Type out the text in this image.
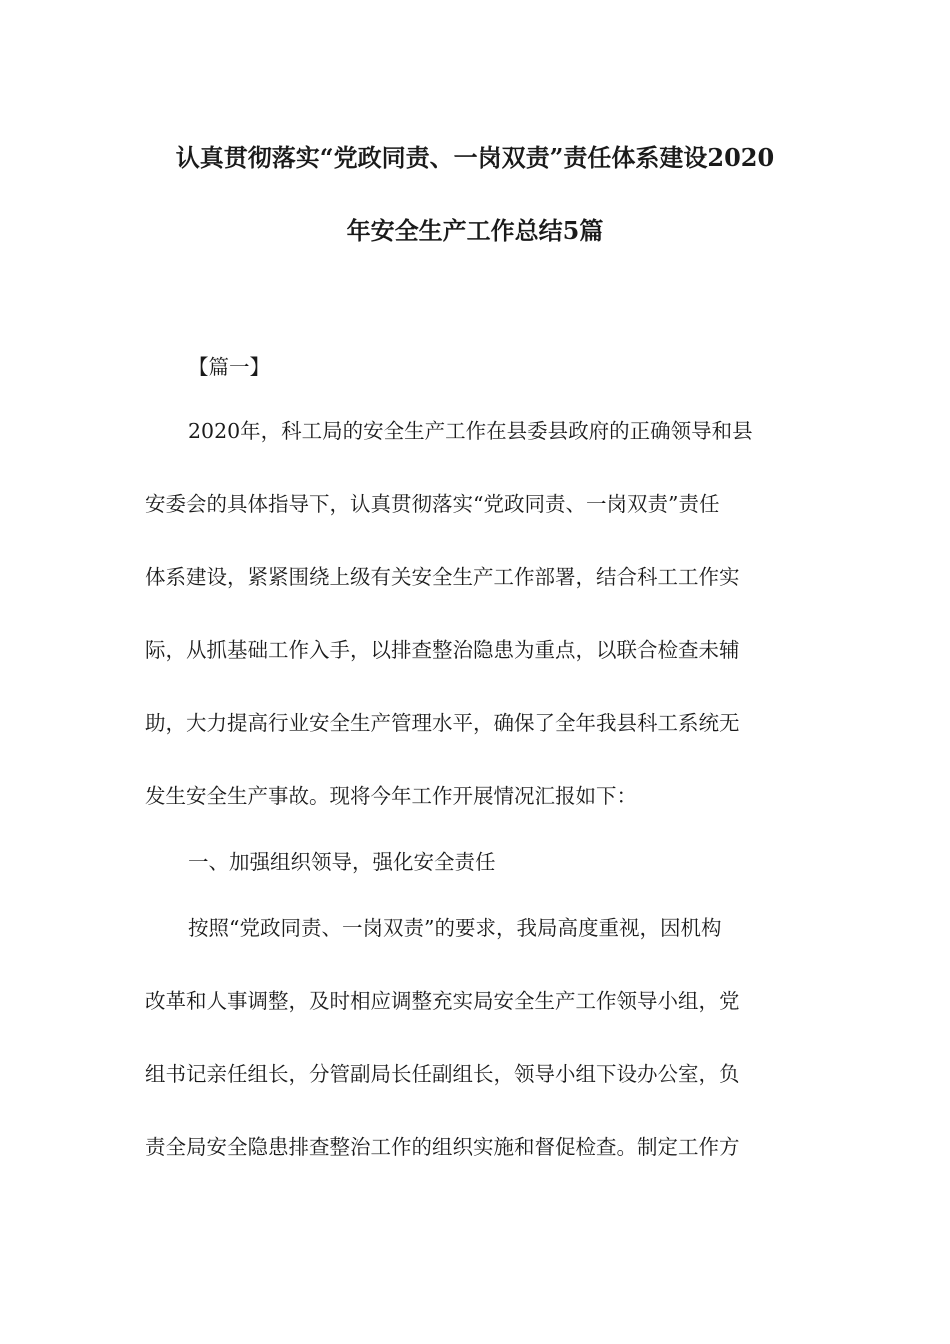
认真贯彻落实“党政同责、一岗双责”责任体系建设2020
年安全生产工作总结5篇
【篇一】
2020年，科工局的安全生产工作在县委县政府的正确领导和县
安委会的具体指导下，认真贯彻落实“党政同责、一岗双责”责任
体系建设，紧紧围绕上级有关安全生产工作部署，结合科工工作实
际，从抓基础工作入手，以排查整治隐患为重点，以联合检查未辅
助，大力提高行业安全生产管理水平，确保了全年我县科工系统无
发生安全生产事故。现将今年工作开展情况汇报如下：
一、加强组织领导，强化安全责任
按照“党政同责、一岗双责”的要求，我局高度重视，因机构
改革和人事调整，及时相应调整充实局安全生产工作领导小组，党
组书记亲任组长，分管副局长任副组长，领导小组下设办公室，负
责全局安全隐患排查整治工作的组织实施和督促检查。制定工作方
